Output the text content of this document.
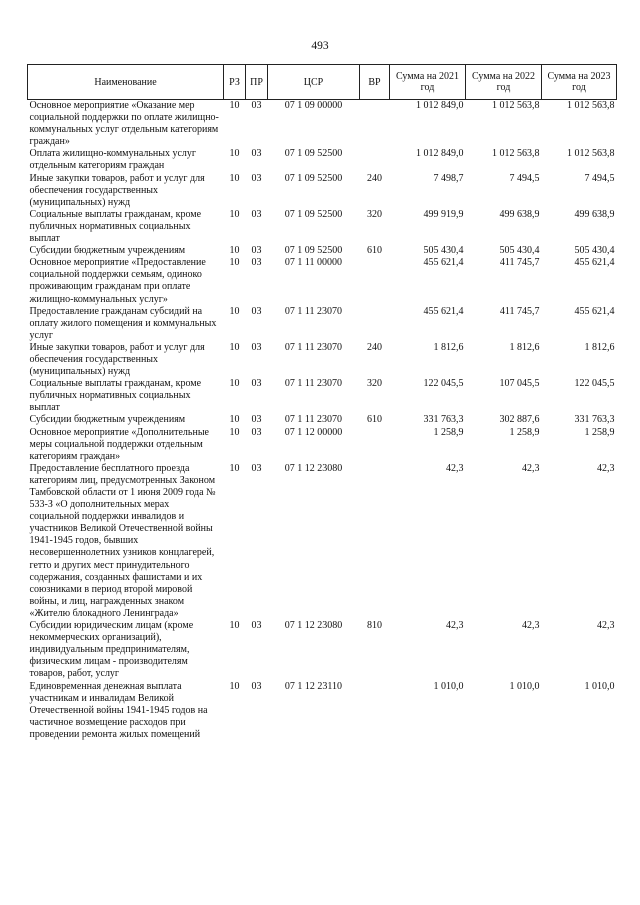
493
Наименование	РЗ	ПР	ЦСР	ВР	Сумма на 2021 год	Сумма на 2022 год	Сумма на 2023 год
Основное мероприятие «Оказание мер социальной поддержки по оплате жилищно-коммунальных услуг отдельным категориям граждан»	10	03	07 1 09 00000		1 012 849,0	1 012 563,8	1 012 563,8
Оплата жилищно-коммунальных услуг отдельным категориям граждан	10	03	07 1 09 52500		1 012 849,0	1 012 563,8	1 012 563,8
Иные закупки товаров, работ и услуг для обеспечения государственных (муниципальных) нужд	10	03	07 1 09 52500	240	7 498,7	7 494,5	7 494,5
Социальные выплаты гражданам, кроме публичных нормативных социальных выплат	10	03	07 1 09 52500	320	499 919,9	499 638,9	499 638,9
Субсидии бюджетным учреждениям	10	03	07 1 09 52500	610	505 430,4	505 430,4	505 430,4
Основное мероприятие «Предоставление социальной поддержки семьям, одиноко проживающим гражданам при оплате жилищно-коммунальных услуг»	10	03	07 1 11 00000		455 621,4	411 745,7	455 621,4
Предоставление гражданам субсидий на оплату жилого помещения и коммунальных услуг	10	03	07 1 11 23070		455 621,4	411 745,7	455 621,4
Иные закупки товаров, работ и услуг для обеспечения государственных (муниципальных) нужд	10	03	07 1 11 23070	240	1 812,6	1 812,6	1 812,6
Социальные выплаты гражданам, кроме публичных нормативных социальных выплат	10	03	07 1 11 23070	320	122 045,5	107 045,5	122 045,5
Субсидии бюджетным учреждениям	10	03	07 1 11 23070	610	331 763,3	302 887,6	331 763,3
Основное мероприятие «Дополнительные меры социальной поддержки отдельным категориям граждан»	10	03	07 1 12 00000		1 258,9	1 258,9	1 258,9
Предоставление бесплатного проезда категориям лиц, предусмотренных Законом Тамбовской области от 1 июня 2009 года № 533-З «О дополнительных мерах социальной поддержки инвалидов и участников Великой Отечественной войны 1941-1945 годов, бывших несовершеннолетних узников концлагерей, гетто и других мест принудительного содержания, созданных фашистами и их союзниками в период второй мировой войны, и лиц, награжденных знаком «Жителю блокадного Ленинграда»	10	03	07 1 12 23080		42,3	42,3	42,3
Субсидии юридическим лицам (кроме некоммерческих организаций), индивидуальным предпринимателям, физическим лицам - производителям товаров, работ, услуг	10	03	07 1 12 23080	810	42,3	42,3	42,3
Единовременная денежная выплата участникам и инвалидам Великой Отечественной войны 1941-1945 годов на частичное возмещение расходов при проведении ремонта жилых помещений	10	03	07 1 12 23110		1 010,0	1 010,0	1 010,0
